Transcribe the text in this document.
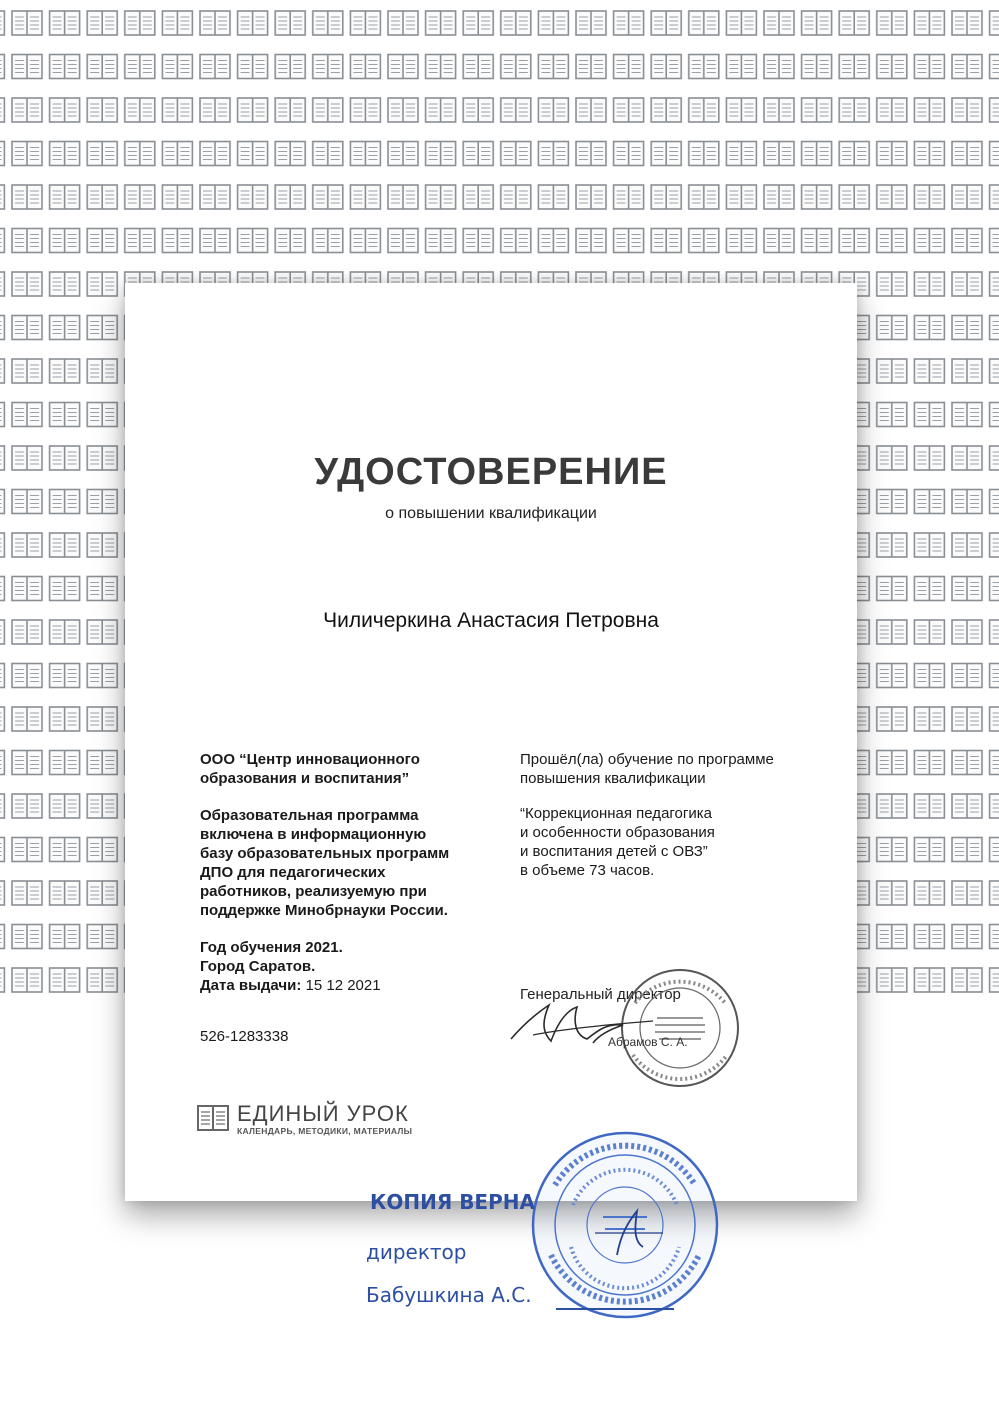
УДОСТОВЕРЕНИЕ
о повышении квалификации
Чиличеркина Анастасия Петровна

ООО “Центр инновационного
образования и воспитания”

Образовательная программа
включена в информационную
базу образовательных программ
ДПО для педагогических
работников, реализуемую при
поддержке Минобрнауки России.

Год обучения 2021.
Город Саратов.
Дата выдачи: 15 12 2021

526-1283338

Прошёл(ла) обучение по программе
повышения квалификации

“Коррекционная педагогика
и особенности образования
и воспитания детей с ОВЗ”
в объеме 73 часов.

Генеральный директор
Абрамов С. А.
ЕДИНЫЙ УРОК
КАЛЕНДАРЬ, МЕТОДИКИ, МАТЕРИАЛЫ
КОПИЯ ВЕРНА
директор
Бабушкина А.С.
